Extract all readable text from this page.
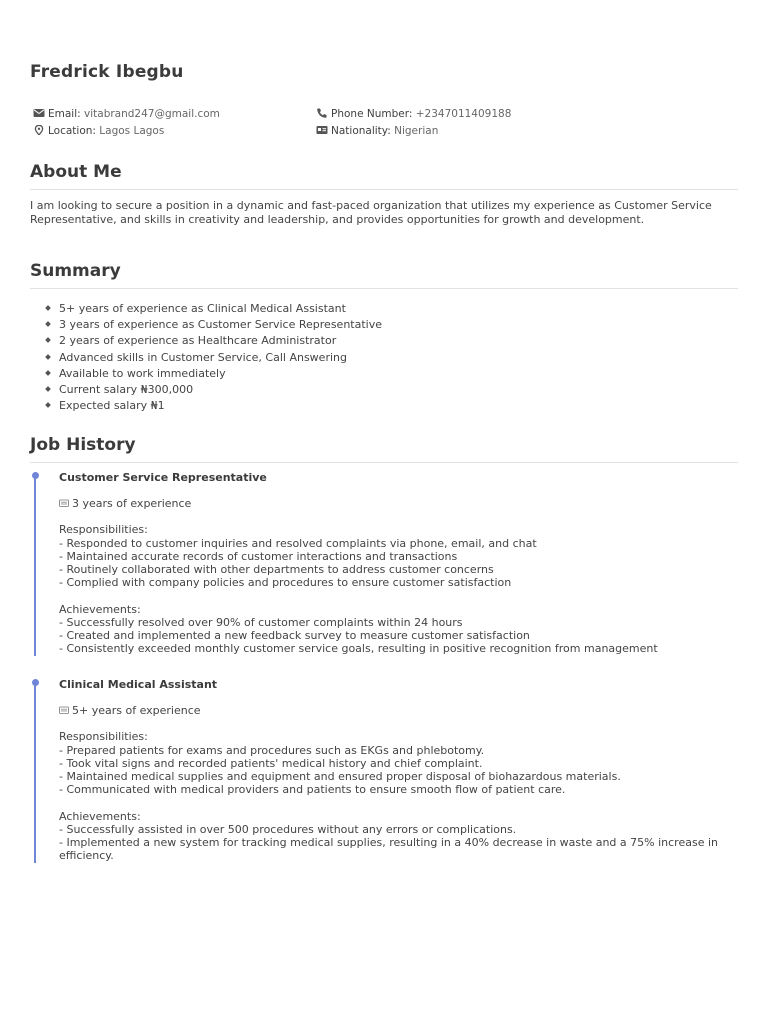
Fredrick Ibegbu
Email: vitabrand247@gmail.com	Phone Number: +2347011409188
Location: Lagos Lagos	Nationality: Nigerian
About Me

I am looking to secure a position in a dynamic and fast-paced organization that utilizes my experience as Customer Service Representative, and skills in creativity and leadership, and provides opportunities for growth and development.

Summary
5+ years of experience as Clinical Medical Assistant
3 years of experience as Customer Service Representative
2 years of experience as Healthcare Administrator
Advanced skills in Customer Service, Call Answering
Available to work immediately
Current salary ₦300,000
Expected salary ₦1
Job History

Customer Service Representative

3 years of experience

Responsibilities:

- Responded to customer inquiries and resolved complaints via phone, email, and chat

- Maintained accurate records of customer interactions and transactions

- Routinely collaborated with other departments to address customer concerns

- Complied with company policies and procedures to ensure customer satisfaction

Achievements:

- Successfully resolved over 90% of customer complaints within 24 hours

- Created and implemented a new feedback survey to measure customer satisfaction

- Consistently exceeded monthly customer service goals, resulting in positive recognition from management

Clinical Medical Assistant

5+ years of experience

Responsibilities:

- Prepared patients for exams and procedures such as EKGs and phlebotomy.

- Took vital signs and recorded patients' medical history and chief complaint.

- Maintained medical supplies and equipment and ensured proper disposal of biohazardous materials.

- Communicated with medical providers and patients to ensure smooth flow of patient care.

Achievements:

- Successfully assisted in over 500 procedures without any errors or complications.

- Implemented a new system for tracking medical supplies, resulting in a 40% decrease in waste and a 75% increase in efficiency.
